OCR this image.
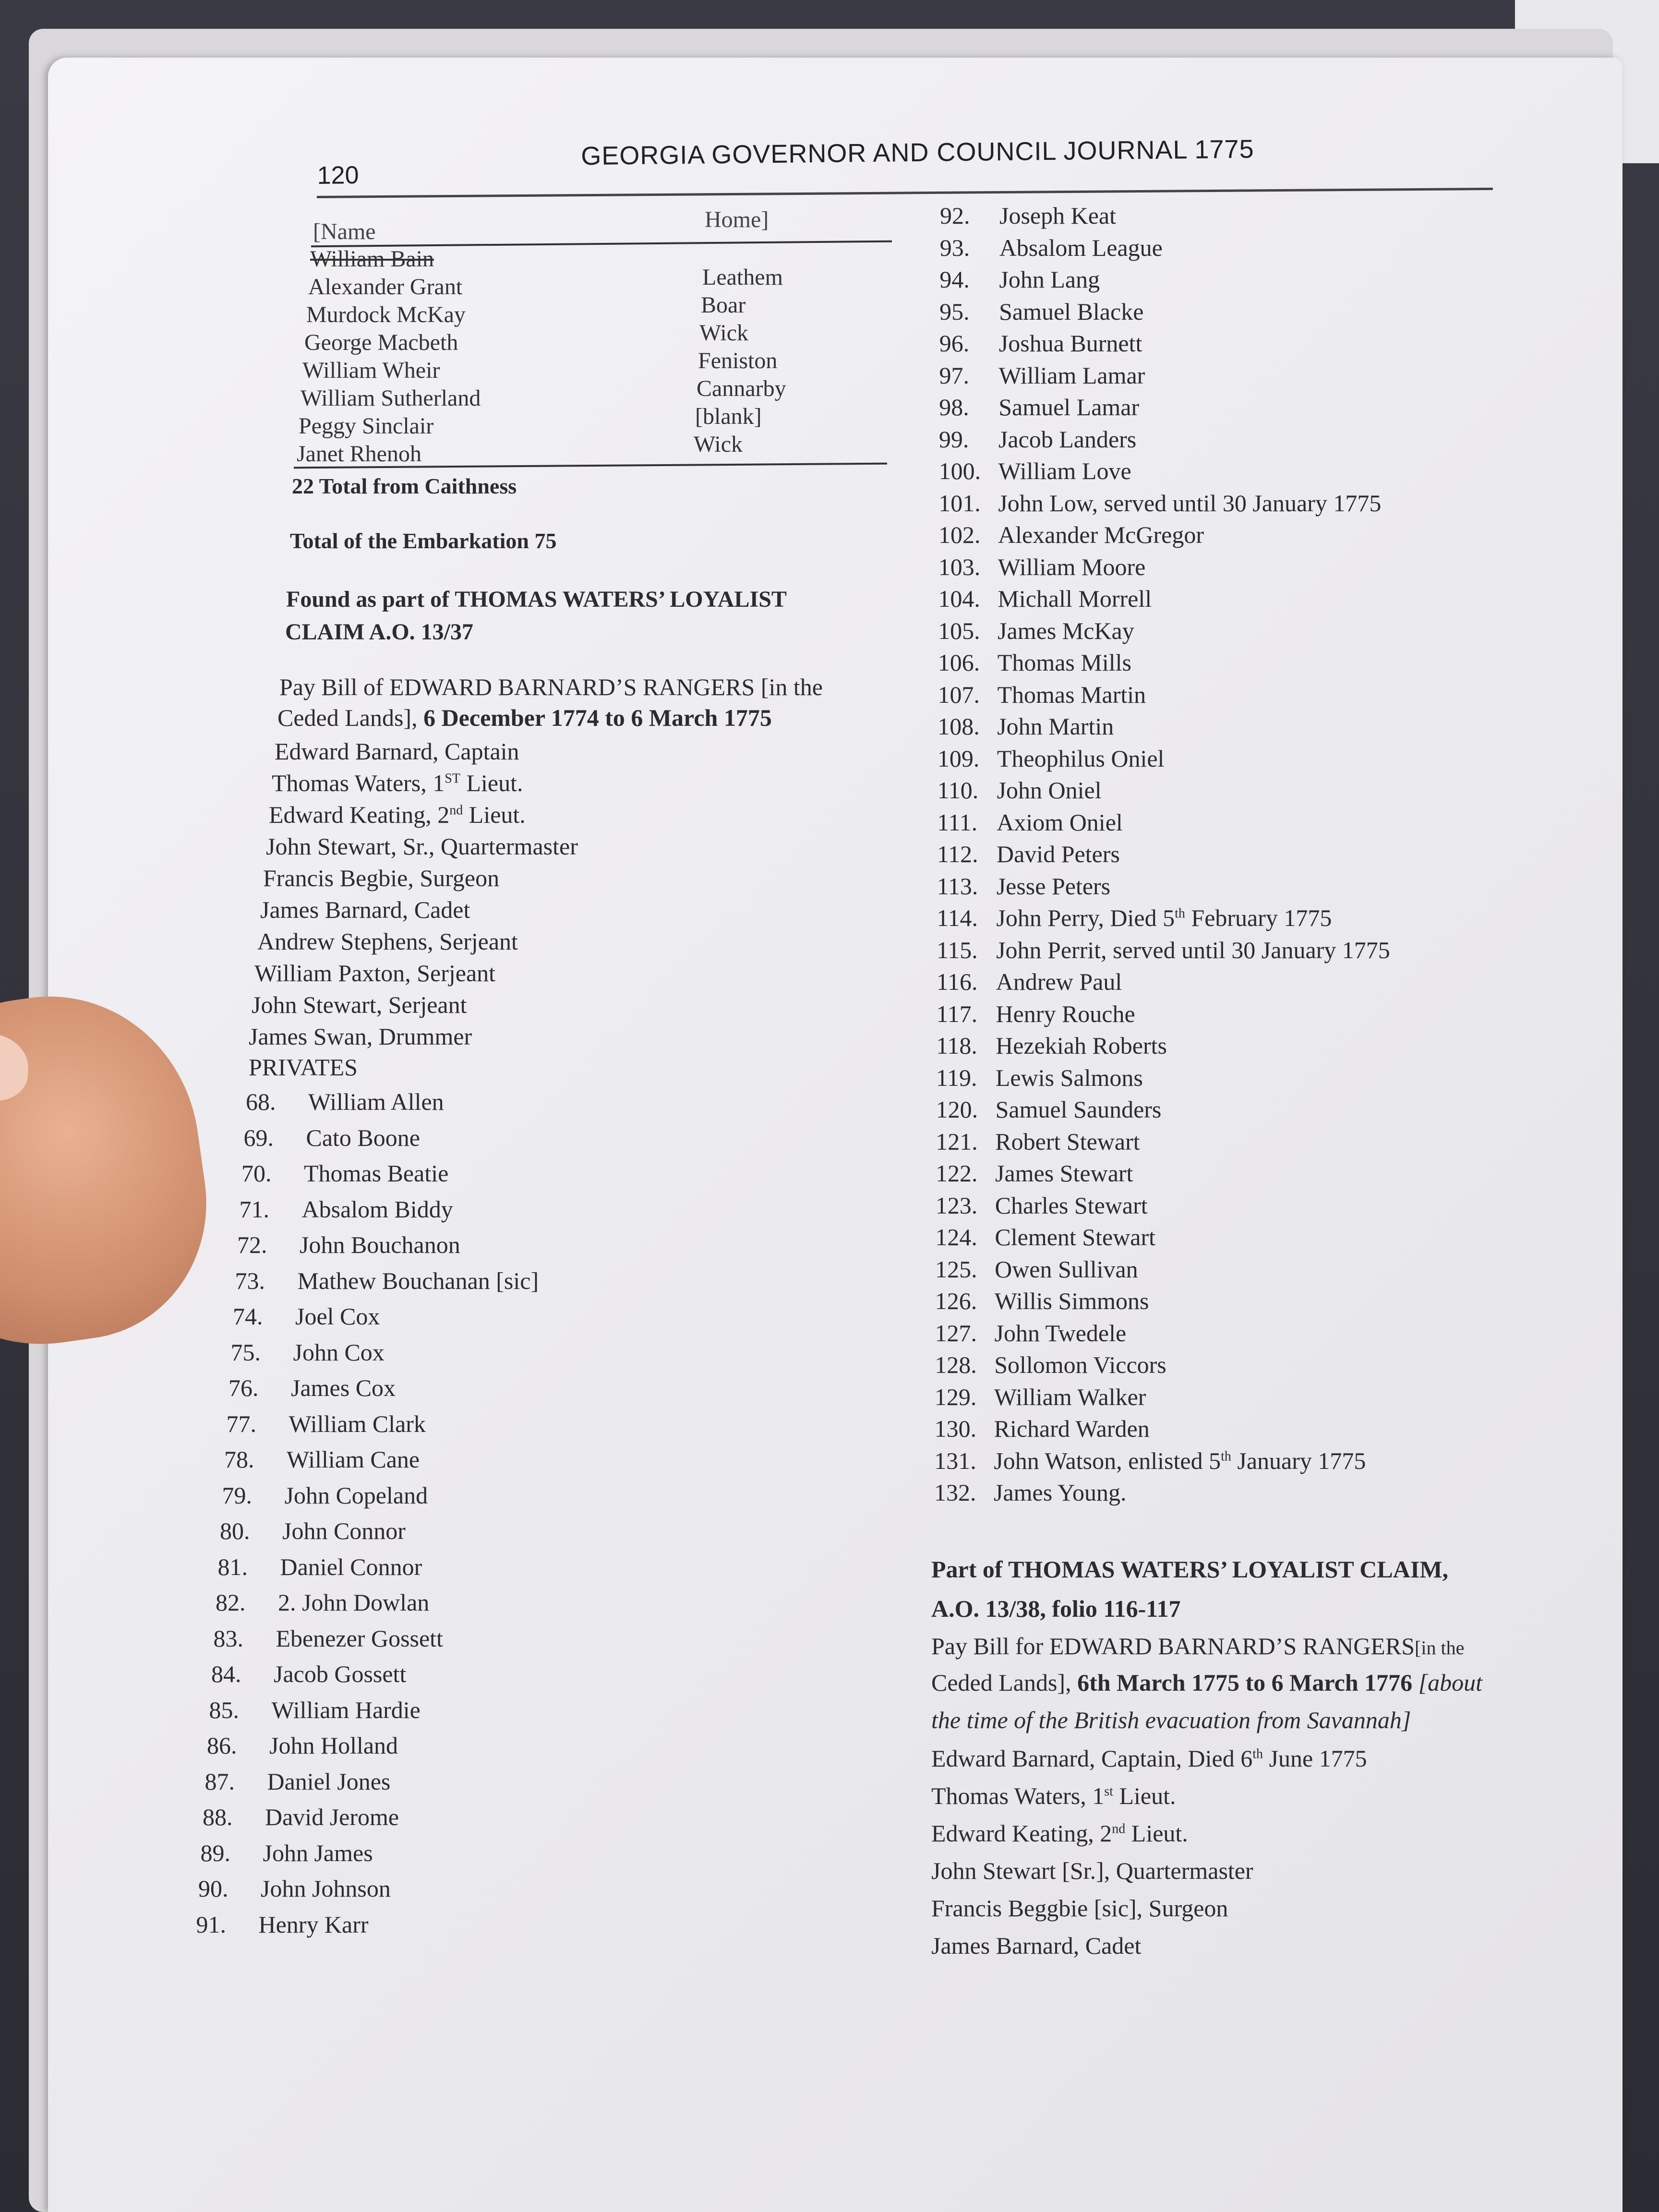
120
GEORGIA GOVERNOR AND COUNCIL JOURNAL 1775
[Name	Home]
William Bain
Alexander Grant	Leathem
Murdock McKay	Boar
George Macbeth	Wick
William Wheir	Feniston
William Sutherland	Cannarby
Peggy Sinclair	[blank]
Janet Rhenoh	Wick
22 Total from Caithness
Total of the Embarkation 75
Found as part of THOMAS WATERS’ LOYALIST
CLAIM A.O. 13/37
Pay Bill of EDWARD BARNARD’S RANGERS [in the
Ceded Lands], 6 December 1774 to 6 March 1775
Edward Barnard, Captain
Thomas Waters, 1ST Lieut.
Edward Keating, 2nd Lieut.
John Stewart, Sr., Quartermaster
Francis Begbie, Surgeon
James Barnard, Cadet
Andrew Stephens, Serjeant
William Paxton, Serjeant
John Stewart, Serjeant
James Swan, Drummer
PRIVATES
68. William Allen
69. Cato Boone
70. Thomas Beatie
71. Absalom Biddy
72. John Bouchanon
73. Mathew Bouchanan [sic]
74. Joel Cox
75. John Cox
76. James Cox
77. William Clark
78. William Cane
79. John Copeland
80. John Connor
81. Daniel Connor
82. 2. John Dowlan
83. Ebenezer Gossett
84. Jacob Gossett
85. William Hardie
86. John Holland
87. Daniel Jones
88. David Jerome
89. John James
90. John Johnson
91. Henry Karr
92. Joseph Keat
93. Absalom League
94. John Lang
95. Samuel Blacke
96. Joshua Burnett
97. William Lamar
98. Samuel Lamar
99. Jacob Landers
100. William Love
101. John Low, served until 30 January 1775
102. Alexander McGregor
103. William Moore
104. Michall Morrell
105. James McKay
106. Thomas Mills
107. Thomas Martin
108. John Martin
109. Theophilus Oniel
110. John Oniel
111. Axiom Oniel
112. David Peters
113. Jesse Peters
114. John Perry, Died 5th February 1775
115. John Perrit, served until 30 January 1775
116. Andrew Paul
117. Henry Rouche
118. Hezekiah Roberts
119. Lewis Salmons
120. Samuel Saunders
121. Robert Stewart
122. James Stewart
123. Charles Stewart
124. Clement Stewart
125. Owen Sullivan
126. Willis Simmons
127. John Twedele
128. Sollomon Viccors
129. William Walker
130. Richard Warden
131. John Watson, enlisted 5th January 1775
132. James Young.
Part of THOMAS WATERS’ LOYALIST CLAIM,
A.O. 13/38, folio 116-117
Pay Bill for EDWARD BARNARD’S RANGERS[in the
Ceded Lands], 6th March 1775 to 6 March 1776 [about
the time of the British evacuation from Savannah]
Edward Barnard, Captain, Died 6th June 1775
Thomas Waters, 1st Lieut.
Edward Keating, 2nd Lieut.
John Stewart [Sr.], Quartermaster
Francis Beggbie [sic], Surgeon
James Barnard, Cadet
